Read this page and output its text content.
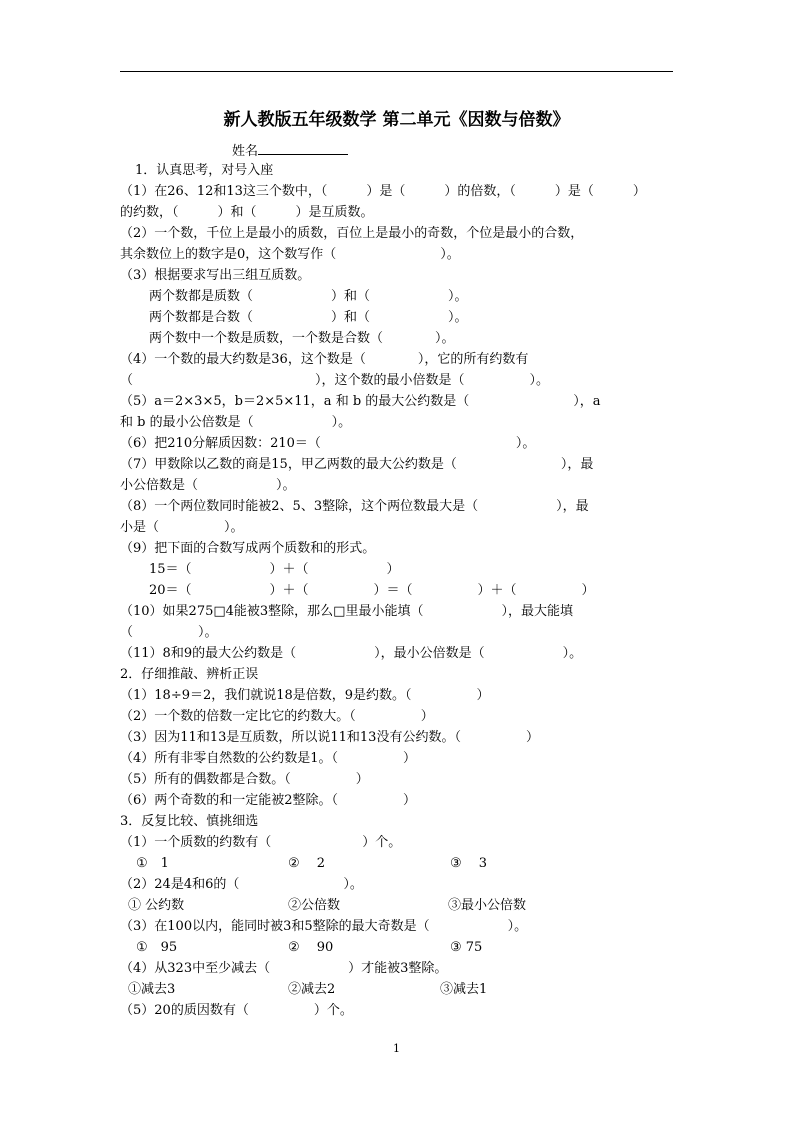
新人教版五年级数学 第二单元《因数与倍数》
姓名
1．认真思考，对号入座
（1）在26、12和13这三个数中，（　　　）是（　　　）的倍数，（　　　）是（　　　）
的约数，（　　　）和（　　　）是互质数。
（2）一个数，千位上是最小的质数，百位上是最小的奇数，个位是最小的合数，
其余数位上的数字是0，这个数写作（　　　　　　　　）。
（3）根据要求写出三组互质数。
两个数都是质数（　　　　　　）和（　　　　　　）。
两个数都是合数（　　　　　　）和（　　　　　　）。
两个数中一个数是质数，一个数是合数（　　　　）。
（4）一个数的最大约数是36，这个数是（　　　　），它的所有约数有
（　　　　　　　　　　　　　　），这个数的最小倍数是（　　　　　）。
（5）a＝2×3×5，b＝2×5×11，a 和 b 的最大公约数是（　　　　　　　　），a
和 b 的最小公倍数是（　　　　　　）。
（6）把210分解质因数：210＝（　　　　　　　　　　　　　　　）。
（7）甲数除以乙数的商是15，甲乙两数的最大公约数是（　　　　　　　　），最
小公倍数是（　　　　　　）。
（8）一个两位数同时能被2、5、3整除，这个两位数最大是（　　　　　　），最
小是（　　　　　）。
（9）把下面的合数写成两个质数和的形式。
15＝（　　　　　　）＋（　　　　　　）
20＝（　　　　　　）＋（　　　　　）＝（　　　　　）＋（　　　　　）
（10）如果275□4能被3整除，那么□里最小能填（　　　　　　），最大能填
（　　　　　）。
（11）8和9的最大公约数是（　　　　　　），最小公倍数是（　　　　　　）。
2．仔细推敲、辨析正误
（1）18÷9＝2，我们就说18是倍数，9是约数。（　　　　　）
（2）一个数的倍数一定比它的约数大。（　　　　　）
（3）因为11和13是互质数，所以说11和13没有公约数。（　　　　　）
（4）所有非零自然数的公约数是1。（　　　　　）
（5）所有的偶数都是合数。（　　　　　）
（6）两个奇数的和一定能被2整除。（　　　　　）
3．反复比较、慎挑细选
（1）一个质数的约数有（　　　　　　　）个。
①　1	②　 2	③　 3
（2）24是4和6的（　　　　　　　　）。
① 公约数	②公倍数	③最小公倍数
（3）在100以内，能同时被3和5整除的最大奇数是（　　　　　　）。
①　95	②　 90	③ 75
（4）从323中至少减去（　　　　　　）才能被3整除。
①减去3	②减去2	③减去1
（5）20的质因数有（　　　　　）个。
1
